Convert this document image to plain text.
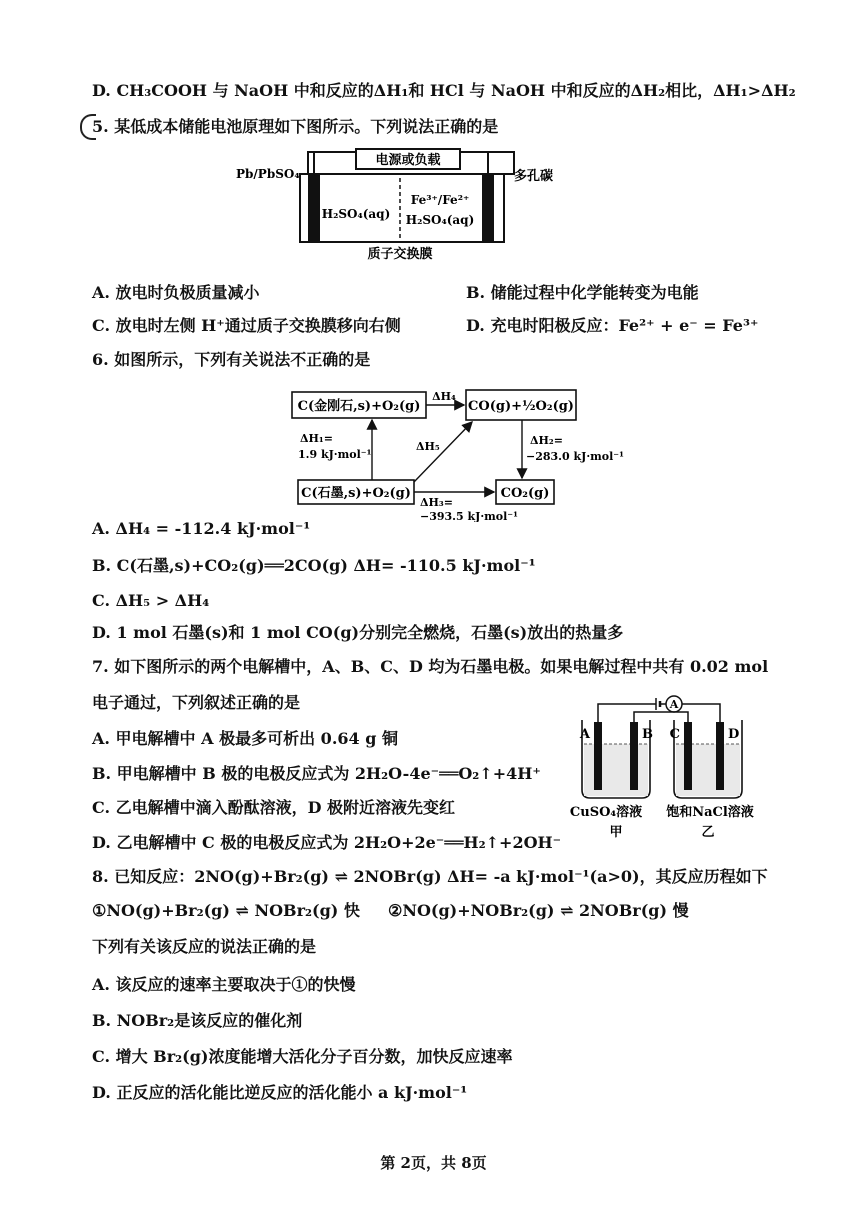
D. CH₃COOH 与 NaOH 中和反应的ΔH₁和 HCl 与 NaOH 中和反应的ΔH₂相比，ΔH₁>ΔH₂
5. 某低成本储能电池原理如下图所示。下列说法正确的是
电源或负载
Pb/PbSO₄	多孔碳
H₂SO₄(aq)
Fe³⁺/Fe²⁺
H₂SO₄(aq)
质子交换膜
A. 放电时负极质量减小	B. 储能过程中化学能转变为电能
C. 放电时左侧 H⁺通过质子交换膜移向右侧	D. 充电时阳极反应：Fe²⁺ + e⁻ = Fe³⁺
6. 如图所示，下列有关说法不正确的是
C(金刚石,s)+O₂(g)	CO(g)+½O₂(g)
C(石墨,s)+O₂(g)	CO₂(g)
ΔH₄
ΔH₁=
1.9 kJ·mol⁻¹
ΔH₅	ΔH₂=
−283.0 kJ·mol⁻¹
ΔH₃=
−393.5 kJ·mol⁻¹
A. ΔH₄ = -112.4 kJ·mol⁻¹
B. C(石墨,s)+CO₂(g)══2CO(g) ΔH= -110.5 kJ·mol⁻¹
C. ΔH₅ > ΔH₄
D. 1 mol 石墨(s)和 1 mol CO(g)分别完全燃烧，石墨(s)放出的热量多
7. 如下图所示的两个电解槽中，A、B、C、D 均为石墨电极。如果电解过程中共有 0.02 mol
电子通过，下列叙述正确的是	A
A	B C	D
CuSO₄溶液 饱和NaCl溶液
甲	乙
A. 甲电解槽中 A 极最多可析出 0.64 g 铜
B. 甲电解槽中 B 极的电极反应式为 2H₂O-4e⁻══O₂↑+4H⁺
C. 乙电解槽中滴入酚酞溶液，D 极附近溶液先变红
D. 乙电解槽中 C 极的电极反应式为 2H₂O+2e⁻══H₂↑+2OH⁻
8. 已知反应：2NO(g)+Br₂(g) ⇌ 2NOBr(g) ΔH= -a kJ·mol⁻¹(a>0)，其反应历程如下
①NO(g)+Br₂(g) ⇌ NOBr₂(g) 快 ②NO(g)+NOBr₂(g) ⇌ 2NOBr(g) 慢
下列有关该反应的说法正确的是
A. 该反应的速率主要取决于①的快慢
B. NOBr₂是该反应的催化剂
C. 增大 Br₂(g)浓度能增大活化分子百分数，加快反应速率
D. 正反应的活化能比逆反应的活化能小 a kJ·mol⁻¹
第 2页，共 8页
